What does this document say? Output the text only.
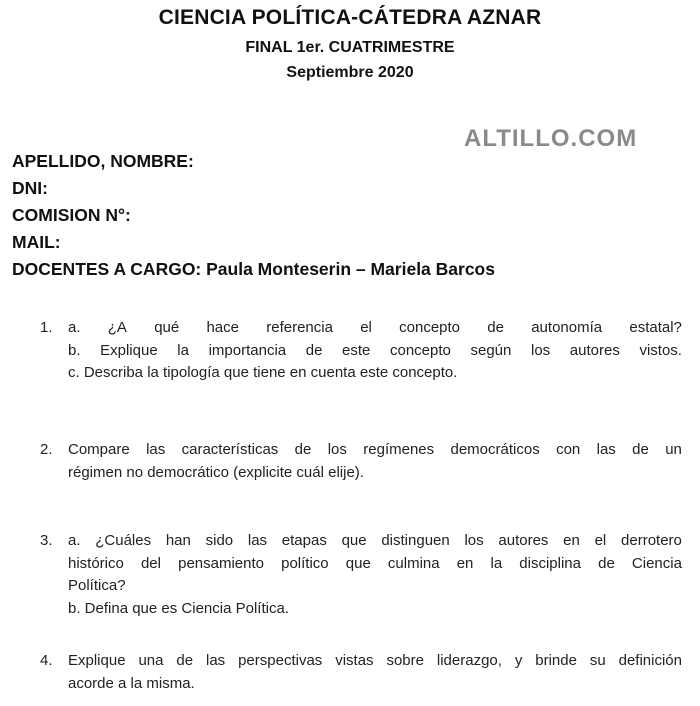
CIENCIA POLÍTICA-CÁTEDRA AZNAR
FINAL 1er. CUATRIMESTRE
Septiembre 2020
ALTILLO.COM
APELLIDO, NOMBRE:
DNI:
COMISION N°:
MAIL:
DOCENTES A CARGO: Paula Monteserin – Mariela Barcos
1. a. ¿A qué hace referencia el concepto de autonomía estatal?
b. Explique la importancia de este concepto según los autores vistos.
c. Describa la tipología que tiene en cuenta este concepto.
2. Compare las características de los regímenes democráticos con las de un
régimen no democrático (explicite cuál elije).
3. a. ¿Cuáles han sido las etapas que distinguen los autores en el derrotero
histórico del pensamiento político que culmina en la disciplina de Ciencia
Política?
b. Defina que es Ciencia Política.
4. Explique una de las perspectivas vistas sobre liderazgo, y brinde su definición
acorde a la misma.
